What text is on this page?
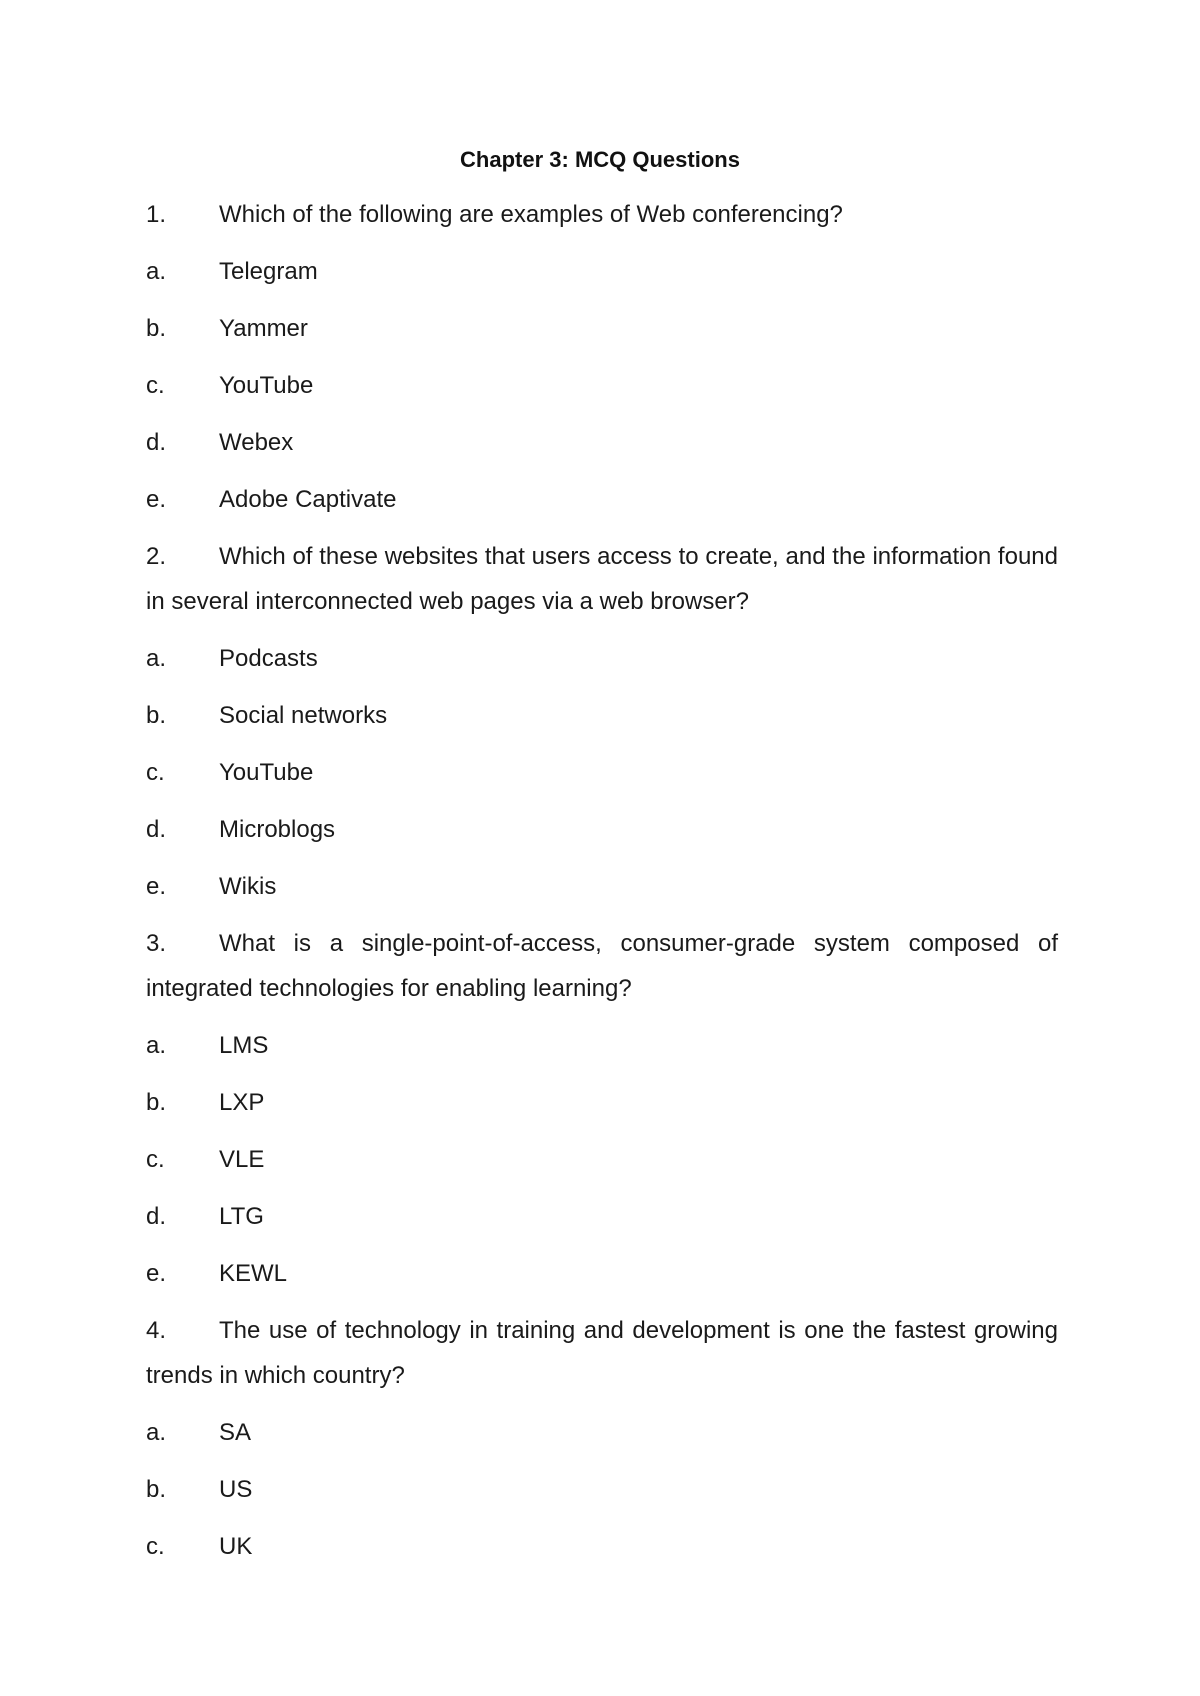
Chapter 3: MCQ Questions
1.	Which of the following are examples of Web conferencing?
a.	Telegram
b.	Yammer
c.	YouTube
d.	Webex
e.	Adobe Captivate
2. Which of these websites that users access to create, and the information found in several interconnected web pages via a web browser?
a.	Podcasts
b.	Social networks
c.	YouTube
d.	Microblogs
e.	Wikis
3. What is a single-point-of-access, consumer-grade system composed of integrated technologies for enabling learning?
a.	LMS
b.	LXP
c.	VLE
d.	LTG
e.	KEWL
4. The use of technology in training and development is one the fastest growing trends in which country?
a.	SA
b.	US
c.	UK
